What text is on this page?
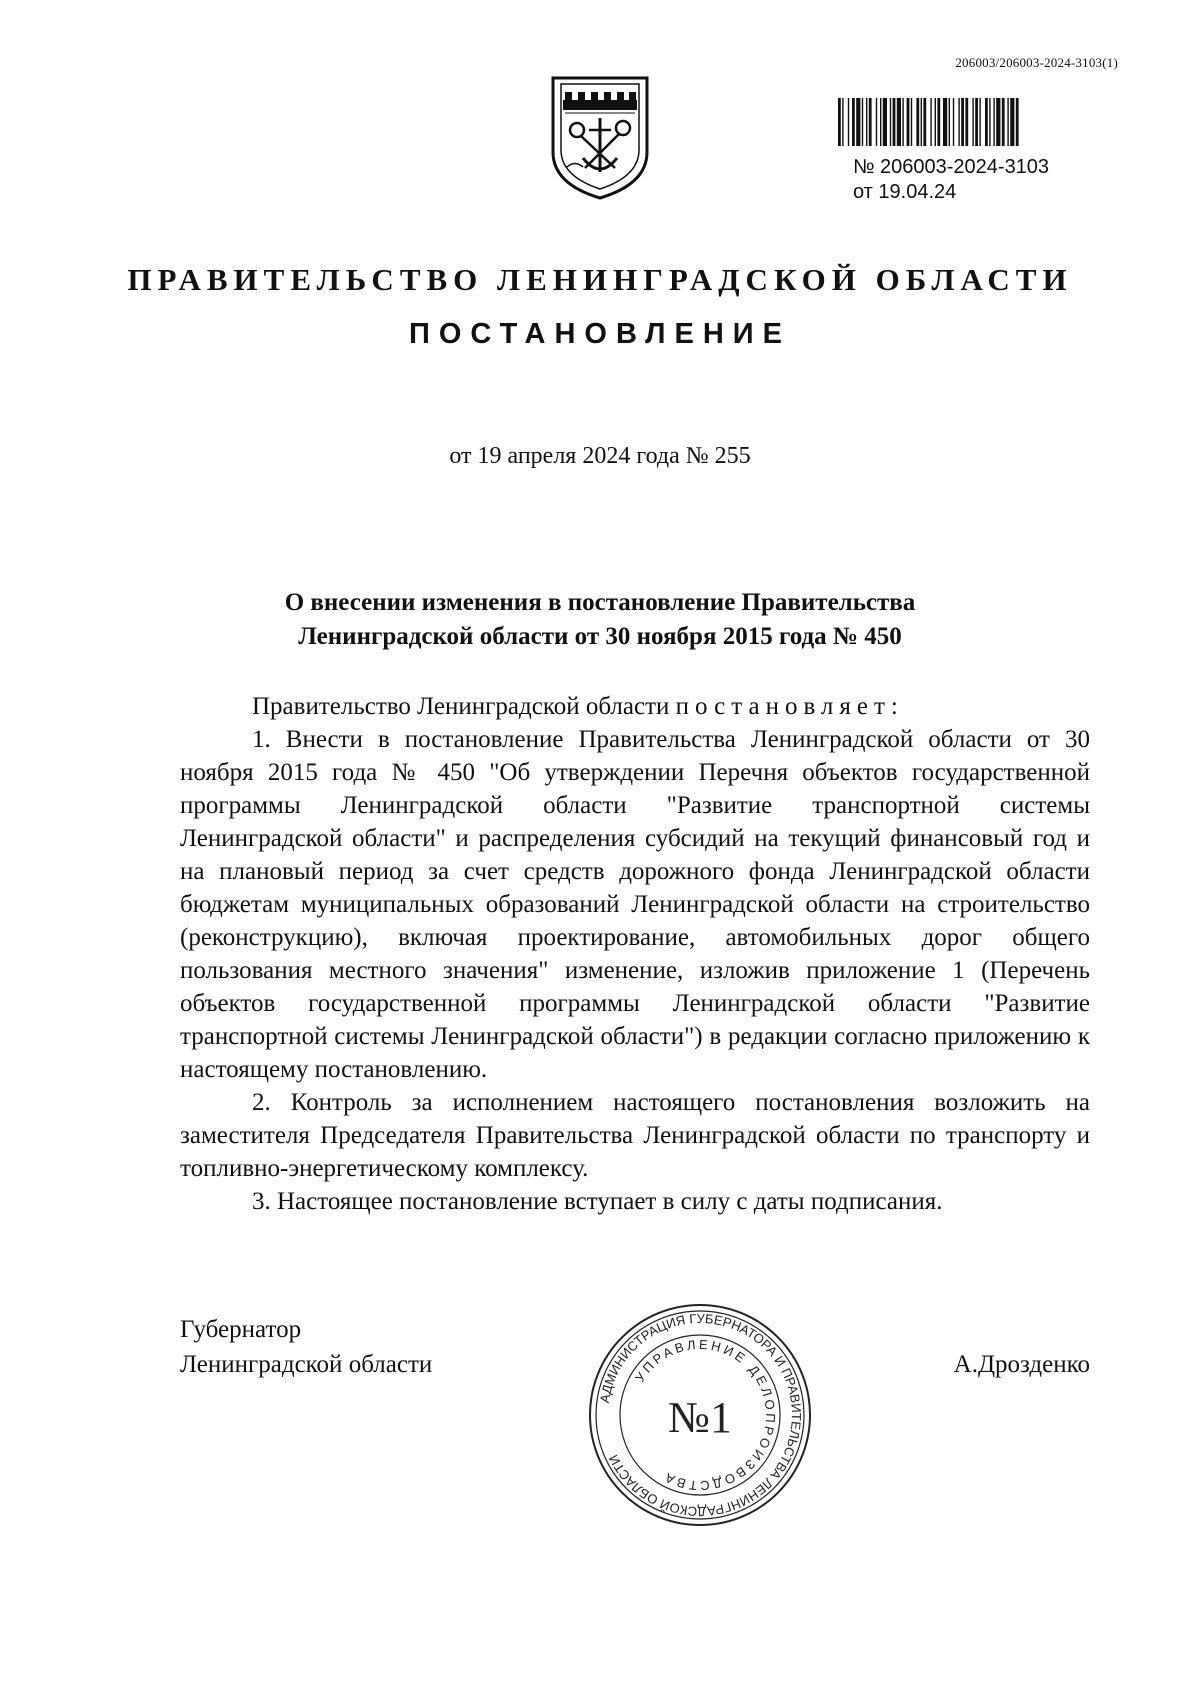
206003/206003-2024-3103(1)
№ 206003-2024-3103
от 19.04.24
ПРАВИТЕЛЬСТВО ЛЕНИНГРАДСКОЙ ОБЛАСТИ
ПОСТАНОВЛЕНИЕ
от 19 апреля 2024 года № 255
О внесении изменения в постановление Правительства
Ленинградской области от 30 ноября 2015 года № 450

Правительство Ленинградской области постановляет:

1. Внести в постановление Правительства Ленинградской области от 30 ноября 2015 года № 450 "Об утверждении Перечня объектов государственной программы Ленинградской области "Развитие транспортной системы Ленинградской области" и распределения субсидий на текущий финансовый год и на плановый период за счет средств дорожного фонда Ленинградской области бюджетам муниципальных образований Ленинградской области на строительство (реконструкцию), включая проектирование, автомобильных дорог общего пользования местного значения" изменение, изложив приложение 1 (Перечень объектов государственной программы Ленинградской области "Развитие транспортной системы Ленинградской области") в редакции согласно приложению к настоящему постановлению.

2. Контроль за исполнением настоящего постановления возложить на заместителя Председателя Правительства Ленинградской области по транспорту и топливно-энергетическому комплексу.

3. Настоящее постановление вступает в силу с даты подписания.

Губернатор
Ленинградской области
АДМИНИСТРАЦИЯ ГУБЕРНАТОРА И ПРАВИТЕЛЬСТВА ЛЕНИНГРАДСКОЙ ОБЛАСТИ
УПРАВЛЕНИЕ ДЕЛОПРОИЗВОДСТВА
№1
А.Дрозденко
